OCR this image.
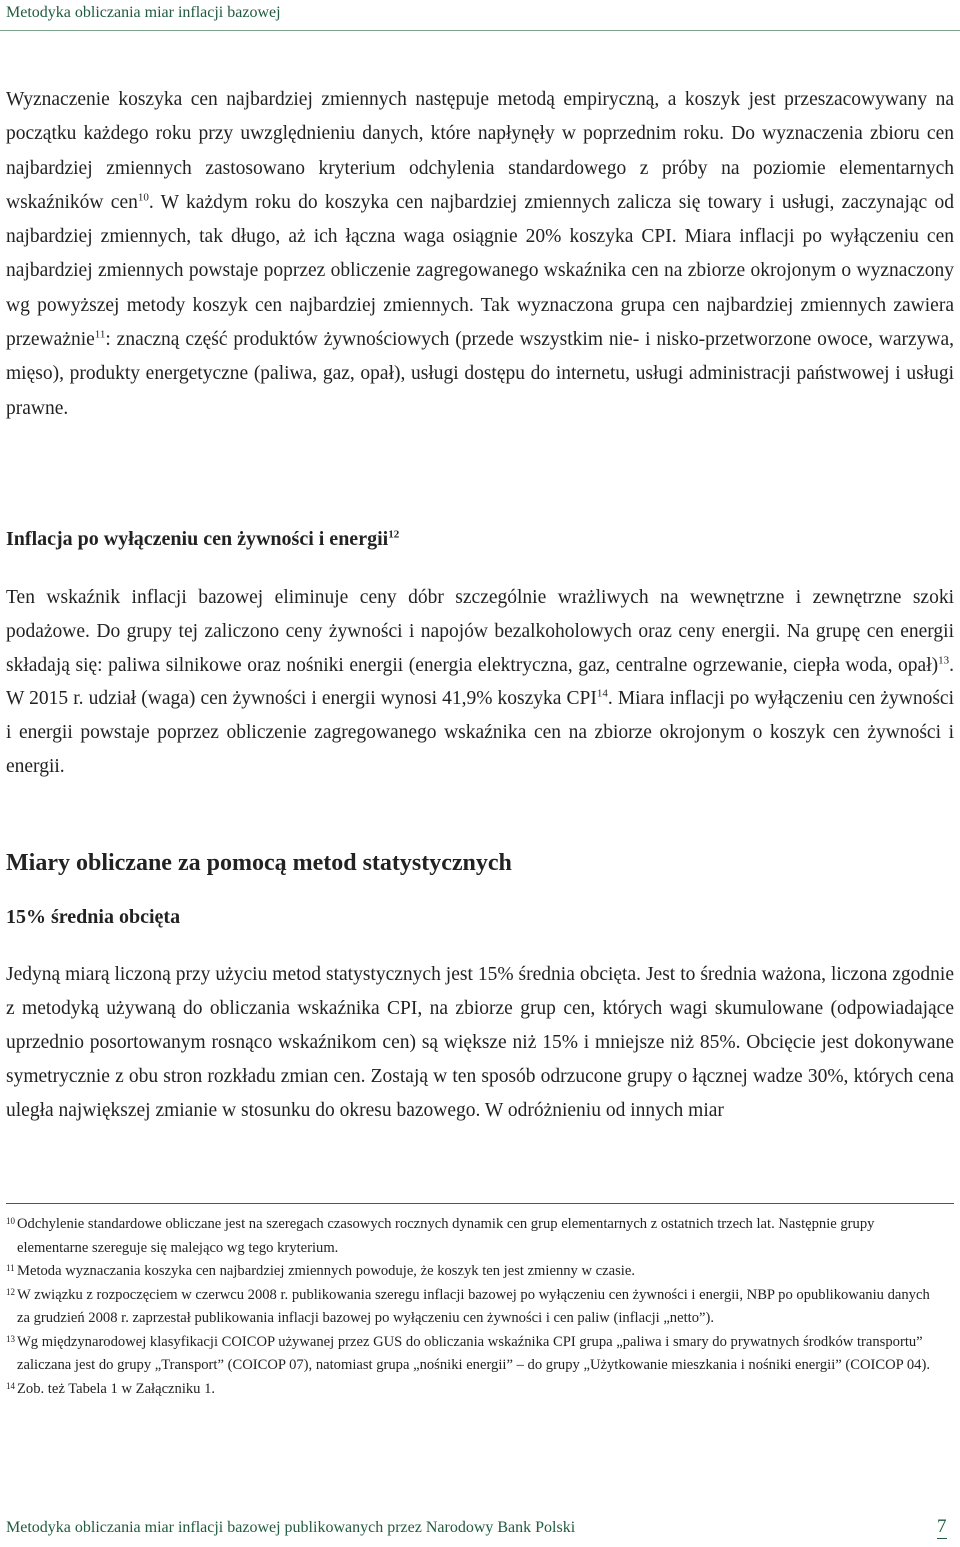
Metodyka obliczania miar inflacji bazowej

Wyznaczenie koszyka cen najbardziej zmiennych następuje metodą empiryczną, a koszyk jest przeszacowywany na początku każdego roku przy uwzględnieniu danych, które napłynęły w poprzednim roku. Do wyznaczenia zbioru cen najbardziej zmiennych zastosowano kryterium odchylenia standardowego z próby na poziomie elementarnych wskaźników cen$^{10}$. W każdym roku do koszyka cen najbardziej zmiennych zalicza się towary i usługi, zaczynając od najbardziej zmiennych, tak długo, aż ich łączna waga osiągnie 20% koszyka CPI. Miara inflacji po wyłączeniu cen najbardziej zmiennych powstaje poprzez obliczenie zagregowanego wskaźnika cen na zbiorze okrojonym o wyznaczony wg powyższej metody koszyk cen najbardziej zmiennych. Tak wyznaczona grupa cen najbardziej zmiennych zawiera przeważnie$^{11}$: znaczną część produktów żywnościowych (przede wszystkim nie- i nisko-przetworzone owoce, warzywa, mięso), produkty energetyczne (paliwa, gaz, opał), usługi dostępu do internetu, usługi administracji państwowej i usługi prawne.

Inflacja po wyłączeniu cen żywności i energii$^{12}$

Ten wskaźnik inflacji bazowej eliminuje ceny dóbr szczególnie wrażliwych na wewnętrzne i zewnętrzne szoki podażowe. Do grupy tej zaliczono ceny żywności i napojów bezalkoholowych oraz ceny energii. Na grupę cen energii składają się: paliwa silnikowe oraz nośniki energii (energia elektryczna, gaz, centralne ogrzewanie, ciepła woda, opał)$^{13}$. W 2015 r. udział (waga) cen żywności i energii wynosi 41,9% koszyka CPI$^{14}$. Miara inflacji po wyłączeniu cen żywności i energii powstaje poprzez obliczenie zagregowanego wskaźnika cen na zbiorze okrojonym o koszyk cen żywności i energii.

Miary obliczane za pomocą metod statystycznych
15% średnia obcięta

Jedyną miarą liczoną przy użyciu metod statystycznych jest 15% średnia obcięta. Jest to średnia ważona, liczona zgodnie z metodyką używaną do obliczania wskaźnika CPI, na zbiorze grup cen, których wagi skumulowane (odpowiadające uprzednio posortowanym rosnąco wskaźnikom cen) są większe niż 15% i mniejsze niż 85%. Obcięcie jest dokonywane symetrycznie z obu stron rozkładu zmian cen. Zostają w ten sposób odrzucone grupy o łącznej wadze 30%, których cena uległa największej zmianie w stosunku do okresu bazowego. W odróżnieniu od innych miar

10 Odchylenie standardowe obliczane jest na szeregach czasowych rocznych dynamik cen grup elementarnych z ostatnich trzech lat. Następnie grupy elementarne szereguje się malejąco wg tego kryterium.
11 Metoda wyznaczania koszyka cen najbardziej zmiennych powoduje, że koszyk ten jest zmienny w czasie.
12 W związku z rozpoczęciem w czerwcu 2008 r. publikowania szeregu inflacji bazowej po wyłączeniu cen żywności i energii, NBP po opublikowaniu danych za grudzień 2008 r. zaprzestał publikowania inflacji bazowej po wyłączeniu cen żywności i cen paliw (inflacji „netto”).
13 Wg międzynarodowej klasyfikacji COICOP używanej przez GUS do obliczania wskaźnika CPI grupa „paliwa i smary do prywatnych środków transportu” zaliczana jest do grupy „Transport” (COICOP 07), natomiast grupa „nośniki energii” – do grupy „Użytkowanie mieszkania i nośniki energii” (COICOP 04).
14 Zob. też Tabela 1 w Załączniku 1.
Metodyka obliczania miar inflacji bazowej publikowanych przez Narodowy Bank Polski	7
